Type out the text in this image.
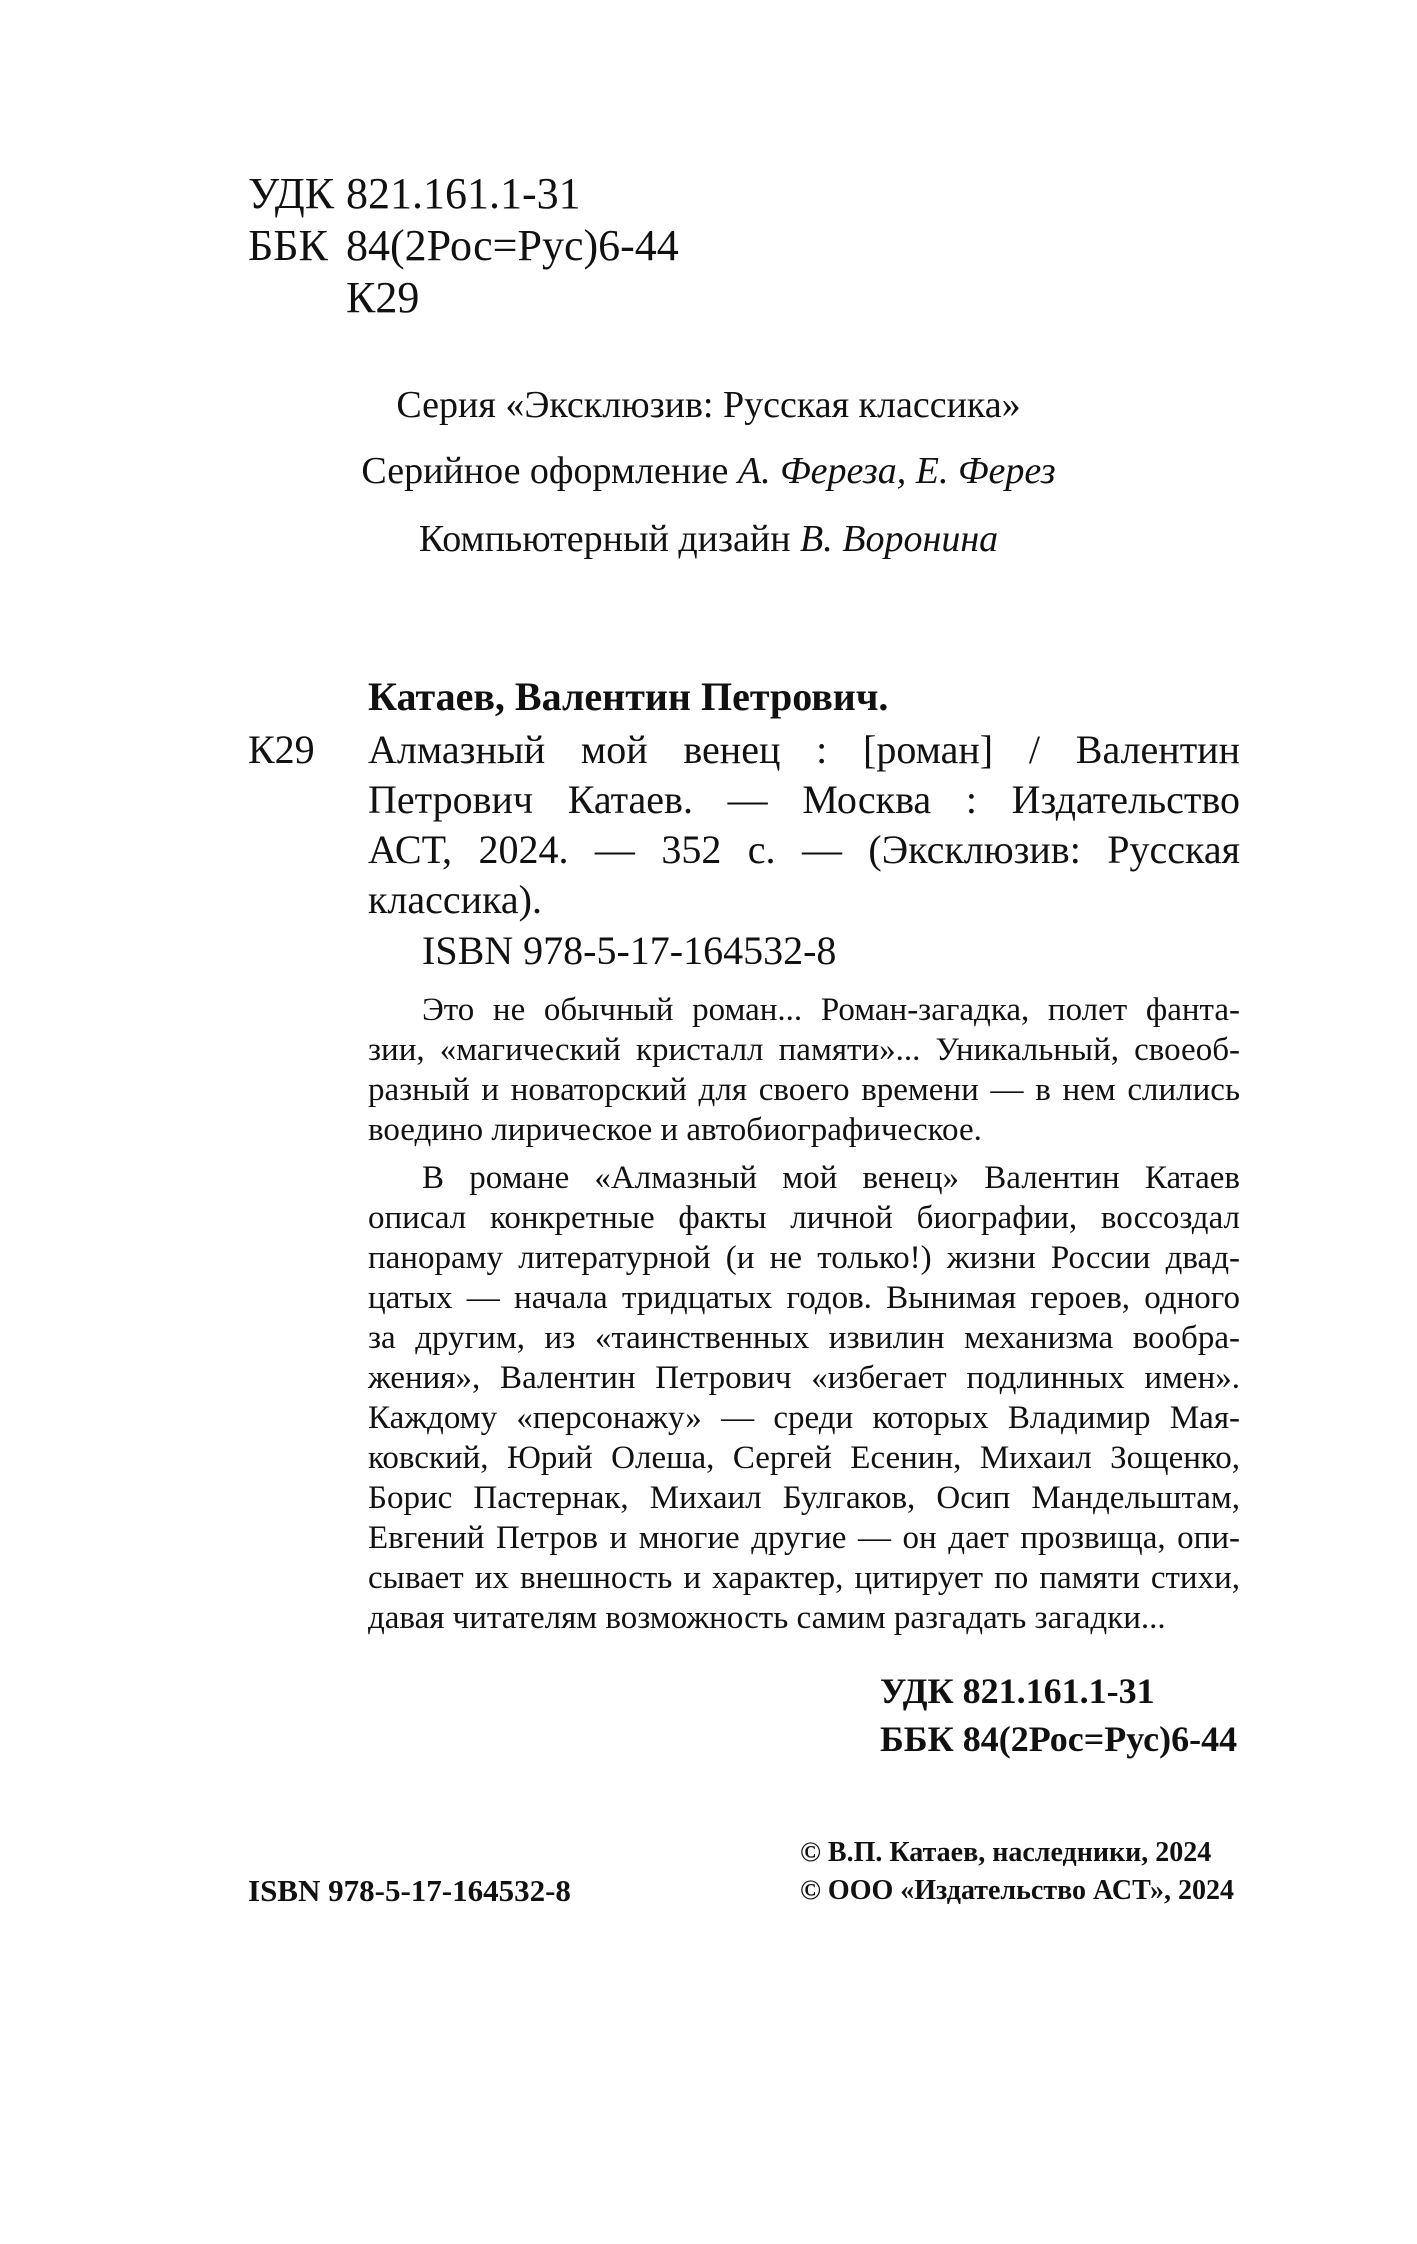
УДК 821.161.1-31
ББК 84(2Рос=Рус)6-44
К29
Серия «Эксклюзив: Русская классика»
Серийное оформление А. Фереза, Е. Ферез
Компьютерный дизайн В. Воронина
Катаев, Валентин Петрович.
К29 Алмазный мой венец : [роман] / Валентин
Петрович Катаев. — Москва : Издательство
АСТ, 2024. — 352 с. — (Эксклюзив: Русская
классика).
ISBN 978-5-17-164532-8
Это не обычный роман... Роман-загадка, полет фанта-
зии, «магический кристалл памяти»... Уникальный, своеоб-
разный и новаторский для своего времени — в нем слились
воедино лирическое и автобиографическое.
В романе «Алмазный мой венец» Валентин Катаев
описал конкретные факты личной биографии, воссоздал
панораму литературной (и не только!) жизни России двад-
цатых — начала тридцатых годов. Вынимая героев, одного
за другим, из «таинственных извилин механизма вообра-
жения», Валентин Петрович «избегает подлинных имен».
Каждому «персонажу» — среди которых Владимир Мая-
ковский, Юрий Олеша, Сергей Есенин, Михаил Зощенко,
Борис Пастернак, Михаил Булгаков, Осип Мандельштам,
Евгений Петров и многие другие — он дает прозвища, опи-
сывает их внешность и характер, цитирует по памяти стихи,
давая читателям возможность самим разгадать загадки...
УДК 821.161.1-31
ББК 84(2Рос=Рус)6-44
ISBN 978-5-17-164532-8
© В.П. Катаев, наследники, 2024
© ООО «Издательство АСТ», 2024
